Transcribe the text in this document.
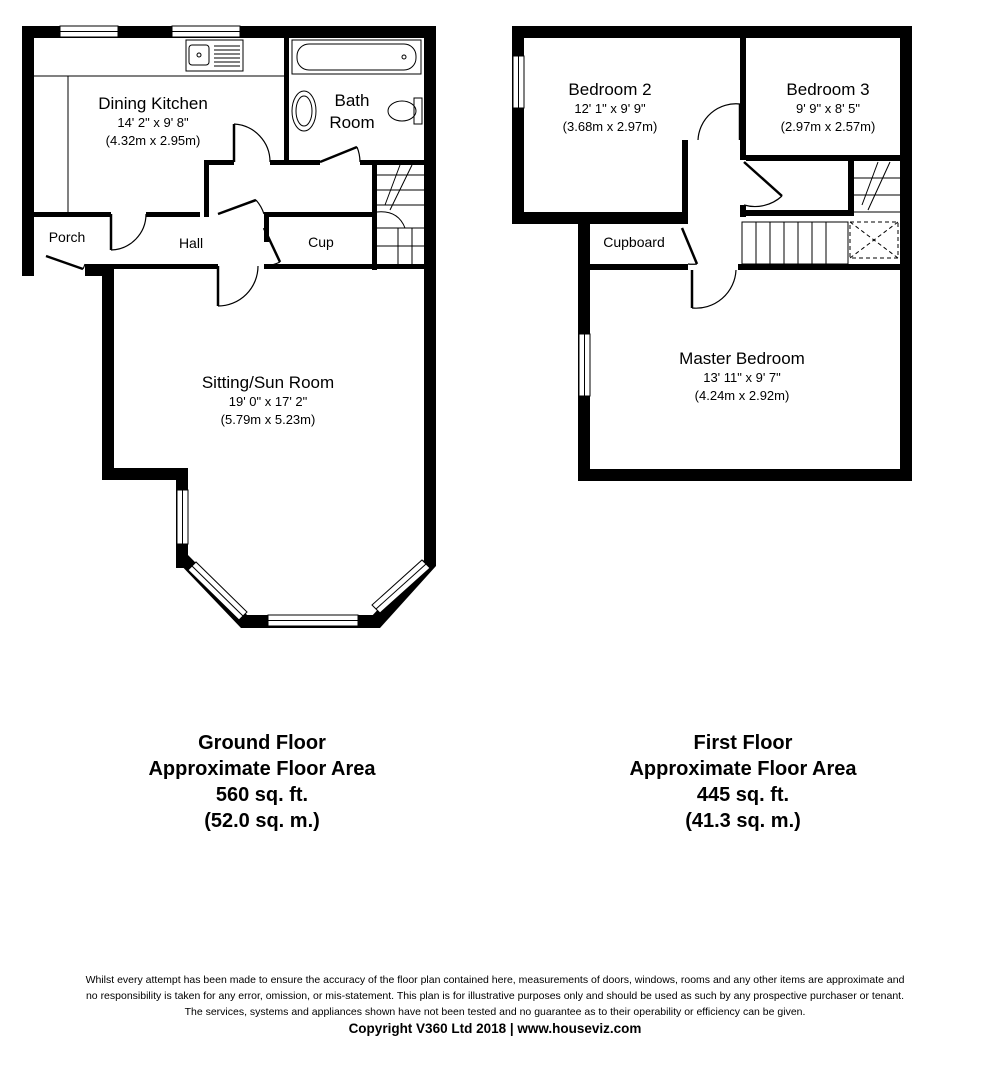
Dining Kitchen
14' 2" x 9' 8"
(4.32m x 2.95m)
Bath
Room
Porch	Hall	Cup
Sitting/Sun Room
19' 0" x 17' 2"
(5.79m x 5.23m)
Bedroom 2
12' 1" x 9' 9"
(3.68m x 2.97m)
Bedroom 3
9' 9" x 8' 5"
(2.97m x 2.57m)
Cupboard
Master Bedroom
13' 11" x 9' 7"
(4.24m x 2.92m)
Ground Floor
Approximate Floor Area
560 sq. ft.
(52.0 sq. m.)
First Floor
Approximate Floor Area
445 sq. ft.
(41.3 sq. m.)
Whilst every attempt has been made to ensure the accuracy of the floor plan contained here, measurements of doors, windows, rooms and any other items are approximate and
no responsibility is taken for any error, omission, or mis-statement. This plan is for illustrative purposes only and should be used as such by any prospective purchaser or tenant.
The services, systems and appliances shown have not been tested and no guarantee as to their operability or efficiency can be given.
Copyright V360 Ltd 2018 | www.houseviz.com
